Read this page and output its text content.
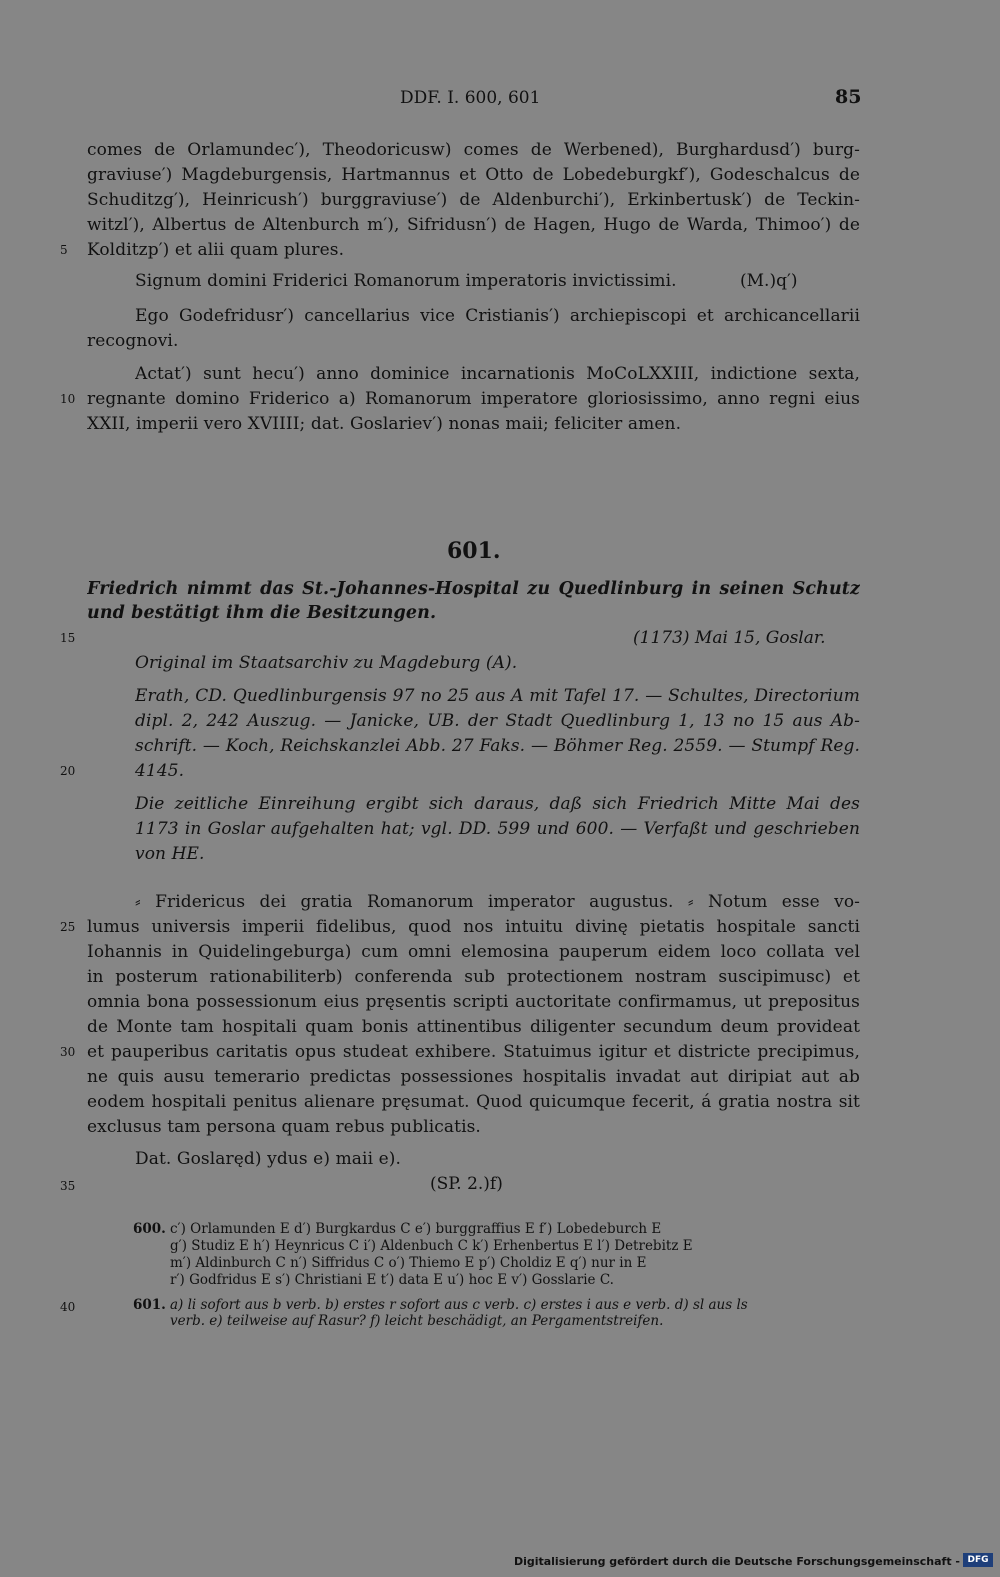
DDF. I. 600, 601	85
comes de Orlamundec′), Theodoricusw) comes de Werbened), Burghardusd′) burg-
graviuse′) Magdeburgensis, Hartmannus et Otto de Lobedeburgkf′), Godeschalcus de
Schuditzg′), Heinricush′) burggraviuse′) de Aldenburchi′), Erkinbertusk′) de Teckin-
witzl′), Albertus de Altenburch m′), Sifridusn′) de Hagen, Hugo de Warda, Thimoo′) de
Kolditzp′) et alii quam plures.
5
Signum domini Friderici Romanorum imperatoris invictissimi.	(M.)q′)
Ego Godefridusr′) cancellarius vice Cristianis′) archiepiscopi et archicancellarii
recognovi.
Actat′) sunt hecu′) anno dominice incarnationis MoCoLXXIII, indictione sexta,
regnante domino Friderico a) Romanorum imperatore gloriosissimo, anno regni eius
10
XXII, imperii vero XVIIII; dat. Goslariev′) nonas maii; feliciter amen.
601.
Friedrich nimmt das St.-Johannes-Hospital zu Quedlinburg in seinen Schutz
und bestätigt ihm die Besitzungen.
15	(1173) Mai 15, Goslar.
Original im Staatsarchiv zu Magdeburg (A).
Erath, CD. Quedlinburgensis 97 no 25 aus A mit Tafel 17. — Schultes, Directorium
dipl. 2, 242 Auszug. — Janicke, UB. der Stadt Quedlinburg 1, 13 no 15 aus Ab-
schrift. — Koch, Reichskanzlei Abb. 27 Faks. — Böhmer Reg. 2559. — Stumpf Reg.
4145.
20
Die zeitliche Einreihung ergibt sich daraus, daß sich Friedrich Mitte Mai des
1173 in Goslar aufgehalten hat; vgl. DD. 599 und 600. — Verfaßt und geschrieben
von HE.
⸗ Fridericus dei gratia Romanorum imperator augustus. ⸗ Notum esse vo-
lumus universis imperii fidelibus, quod nos intuitu divinę pietatis hospitale sancti
25
Iohannis in Quidelingeburga) cum omni elemosina pauperum eidem loco collata vel
in posterum rationabiliterb) conferenda sub protectionem nostram suscipimusc) et
omnia bona possessionum eius pręsentis scripti auctoritate confirmamus, ut prepositus
de Monte tam hospitali quam bonis attinentibus diligenter secundum deum provideat
et pauperibus caritatis opus studeat exhibere. Statuimus igitur et districte precipimus,
30
ne quis ausu temerario predictas possessiones hospitalis invadat aut diripiat aut ab
eodem hospitali penitus alienare pręsumat. Quod quicumque fecerit, á gratia nostra sit
exclusus tam persona quam rebus publicatis.
Dat. Goslaręd) ydus e) maii e).
35	(SP. 2.)f)
600. c′) Orlamunden E d′) Burgkardus C e′) burggraffius E f′) Lobedeburch E
g′) Studiz E h′) Heynricus C i′) Aldenbuch C k′) Erhenbertus E l′) Detrebitz E
m′) Aldinburch C n′) Siffridus C o′) Thiemo E p′) Choldiz E q′) nur in E
r′) Godfridus E s′) Christiani E t′) data E u′) hoc E v′) Gosslarie C.
40	601. a) li sofort aus b verb. b) erstes r sofort aus c verb. c) erstes i aus e verb. d) sl aus ls
verb. e) teilweise auf Rasur? f) leicht beschädigt, an Pergamentstreifen.
Digitalisierung gefördert durch die Deutsche Forschungsgemeinschaft - DFG
